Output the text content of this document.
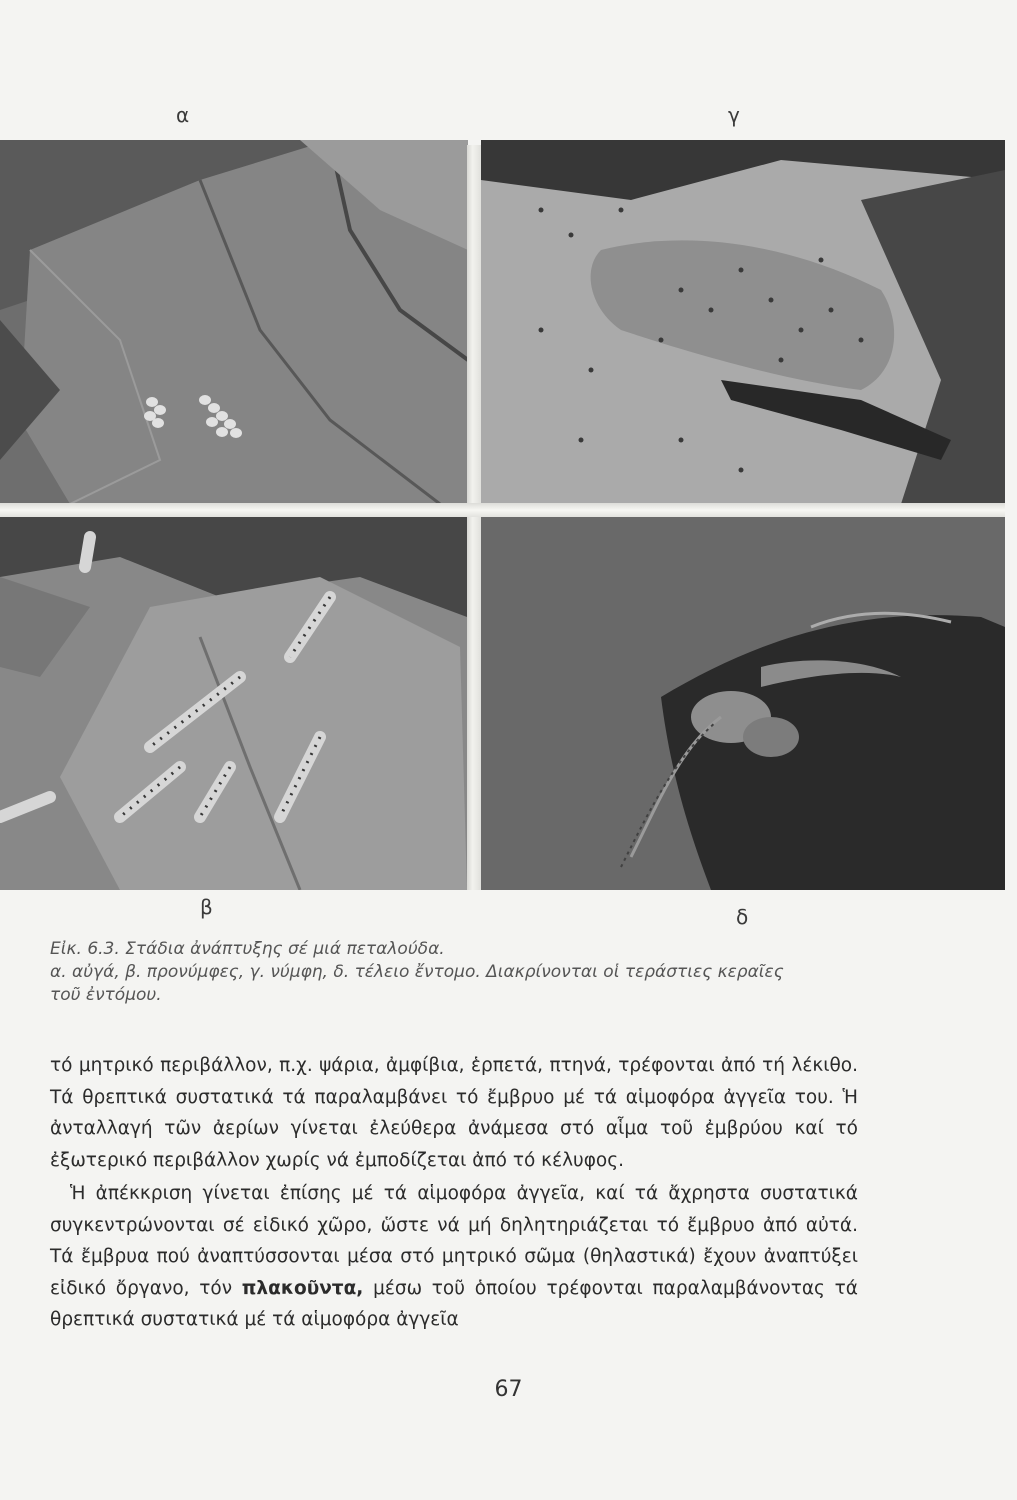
α	γ
β	δ
Εἰκ. 6.3. Στάδια ἀνάπτυξης σέ μιά πεταλούδα.
α. αὐγά, β. προνύμφες, γ. νύμφη, δ. τέλειο ἔντομο. Διακρίνονται οἱ τεράστιες κεραῖες
τοῦ ἐντόμου.

τό μητρικό περιβάλλον, π.χ. ψάρια, ἀμφίβια, ἑρπετά, πτηνά, τρέφονται ἀπό τή λέκιθο. Τά θρεπτικά συστατικά τά παραλαμβάνει τό ἔμβρυο μέ τά αἱμοφόρα ἀγγεῖα του. Ἡ ἀνταλλαγή τῶν ἀερίων γίνεται ἐλεύθερα ἀνάμεσα στό αἷμα τοῦ ἐμβρύου καί τό ἐξωτερικό περιβάλλον χωρίς νά ἐμποδίζεται ἀπό τό κέλυφος.

Ἡ ἀπέκκριση γίνεται ἐπίσης μέ τά αἱμοφόρα ἀγγεῖα, καί τά ἄχρηστα συστατικά συγκεντρώνονται σέ εἰδικό χῶρο, ὥστε νά μή δηλητηριάζεται τό ἔμβρυο ἀπό αὐτά. Τά ἔμβρυα πού ἀναπτύσσονται μέσα στό μητρικό σῶμα (θηλαστικά) ἔχουν ἀναπτύξει εἰδικό ὄργανο, τόν πλακοῦντα, μέσω τοῦ ὁποίου τρέφονται παραλαμβάνοντας τά θρεπτικά συστατικά μέ τά αἱμοφόρα ἀγγεῖα

67
